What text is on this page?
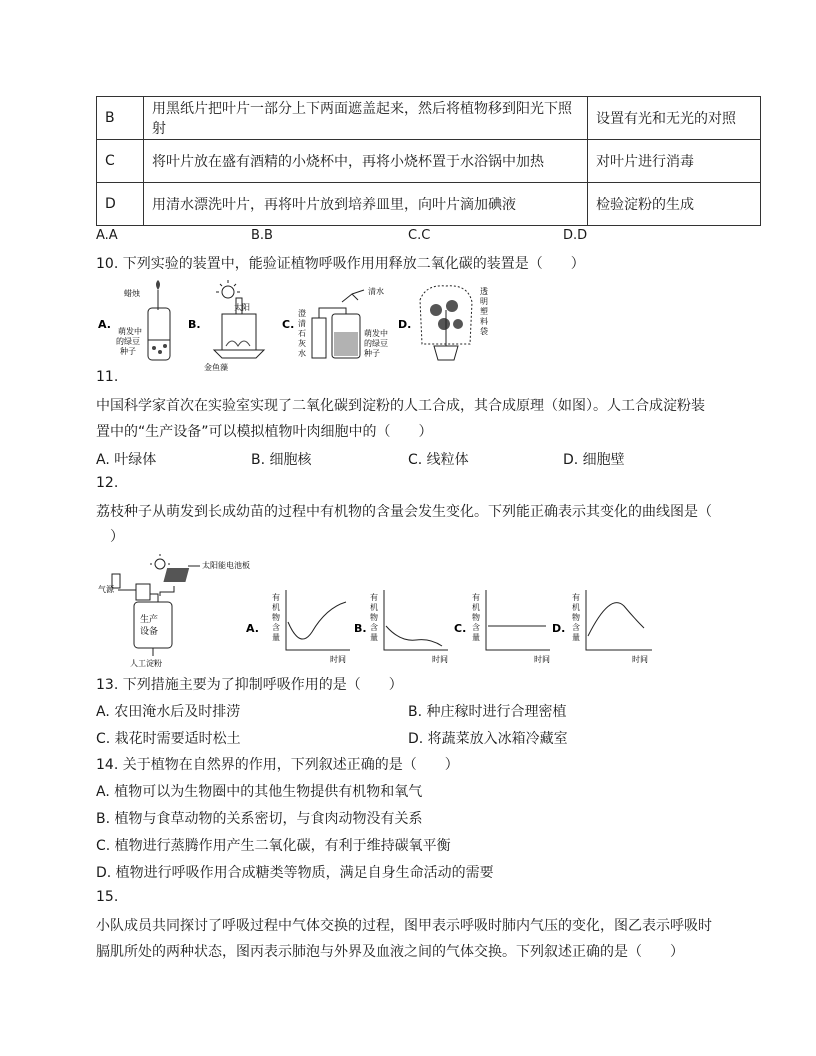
B	用黑纸片把叶片一部分上下两面遮盖起来，然后将植物移到阳光下照射	设置有光和无光的对照
C	将叶片放在盛有酒精的小烧杯中，再将小烧杯置于水浴锅中加热	对叶片进行消毒
D	用清水漂洗叶片，再将叶片放到培养皿里，向叶片滴加碘液	检验淀粉的生成
A.A	B.B	C.C	D.D
10. 下列实验的装置中，能验证植物呼吸作用用释放二氧化碳的装置是（　　）
A.
蜡烛
萌发中
的绿豆
种子
B.
太阳
金鱼藻
C.
清水
澄
清
石
灰
水
萌发中
的绿豆
种子
D.
透
明
塑
料
袋
11.
中国科学家首次在实验室实现了二氧化碳到淀粉的人工合成，其合成原理（如图）。人工合成淀粉装
置中的“生产设备”可以模拟植物叶肉细胞中的（　　）
A. 叶绿体	B. 细胞核	C. 线粒体	D. 细胞壁
12.
荔枝种子从萌发到长成幼苗的过程中有机物的含量会发生变化。下列能正确表示其变化的曲线图是（
　）
气源
生产
设备
人工淀粉
太阳能电池板
A.
有
机
物
含
量
时间
B.
有
机
物
含
量
时间
C.
有
机
物
含
量
时间
D.
有
机
物
含
量
时间
13. 下列措施主要为了抑制呼吸作用的是（　　）
A. 农田淹水后及时排涝	B. 种庄稼时进行合理密植
C. 栽花时需要适时松土	D. 将蔬菜放入冰箱冷藏室
14. 关于植物在自然界的作用，下列叙述正确的是（　　）
A. 植物可以为生物圈中的其他生物提供有机物和氧气
B. 植物与食草动物的关系密切，与食肉动物没有关系
C. 植物进行蒸腾作用产生二氧化碳，有利于维持碳氧平衡
D. 植物进行呼吸作用合成糖类等物质，满足自身生命活动的需要
15.
小队成员共同探讨了呼吸过程中气体交换的过程，图甲表示呼吸时肺内气压的变化，图乙表示呼吸时
膈肌所处的两种状态，图丙表示肺泡与外界及血液之间的气体交换。下列叙述正确的是（　　）
